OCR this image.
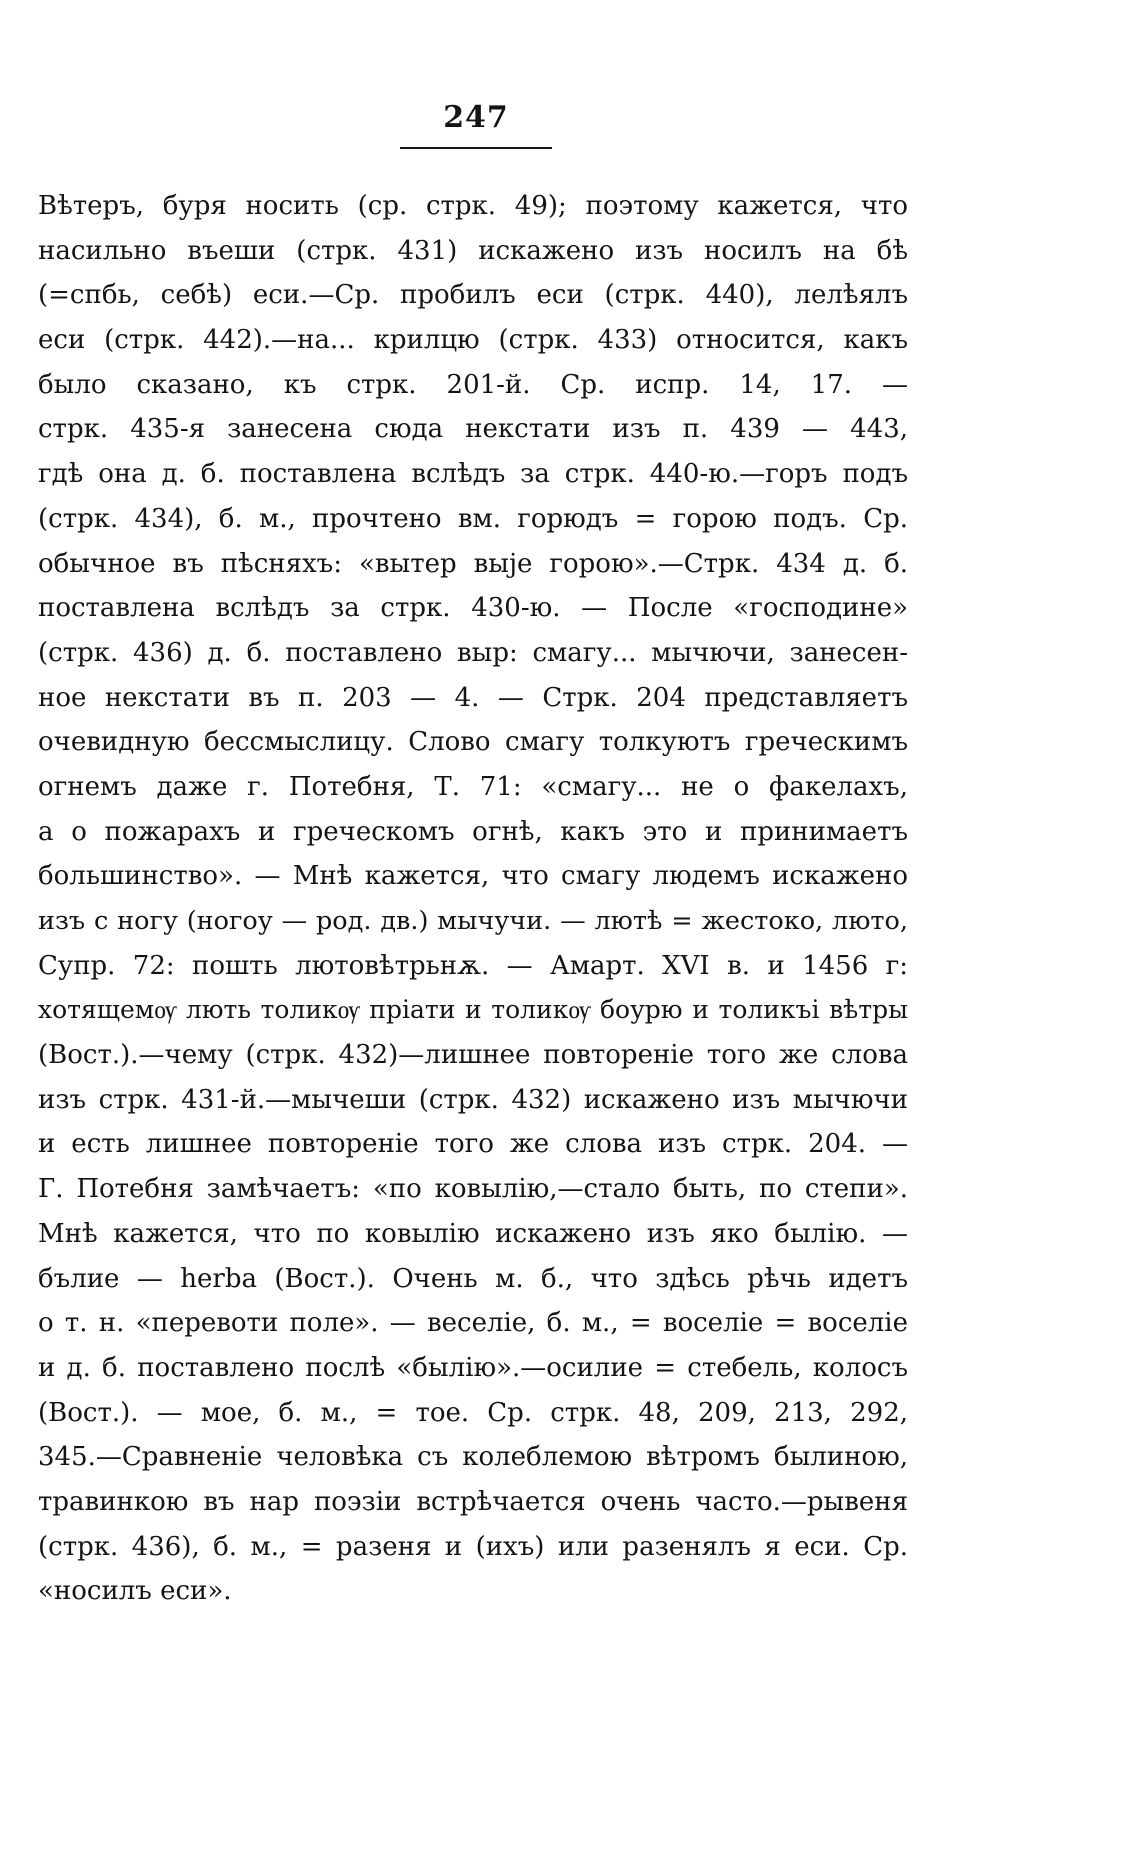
247
Вѣтеръ, буря носить (ср. стрк. 49); поэтому кажется, что
насильно въеши (стрк. 431) искажено изъ носилъ на бѣ
(=спбь, себѣ) еси.—Ср. пробилъ еси (стрк. 440), лелѣялъ
еси (стрк. 442).—на... крилцю (стрк. 433) относится, какъ
было сказано, къ стрк. 201-й. Ср. испр. 14, 17. —
стрк. 435-я занесена сюда некстати изъ п. 439 — 443,
гдѣ она д. б. поставлена вслѣдъ за стрк. 440-ю.—горъ подъ
(стрк. 434), б. м., прочтено вм. горюдъ = горою подъ. Ср.
обычное въ пѣсняхъ: «вытер выје горою».—Стрк. 434 д. б.
поставлена вслѣдъ за стрк. 430-ю. — После «господине»
(стрк. 436) д. б. поставлено выр: смагу... мычючи, занесен-
ное некстати въ п. 203 — 4. — Стрк. 204 представляетъ
очевидную бессмыслицу. Слово смагу толкуютъ греческимъ
огнемъ даже г. Потебня, Т. 71: «смагу... не о факелахъ,
а о пожарахъ и греческомъ огнѣ, какъ это и принимаетъ
большинство». — Мнѣ кажется, что смагу людемъ искажено
изъ с ногу (ногоу — род. дв.) мычучи. — лютѣ = жестоко, люто,
Супр. 72: пошть лютовѣтрьнѫ. — Амарт. XVI в. и 1456 г:
хотящемѹ лють толикѹ пріати и толикѹ боурю и толикъі вѣтры
(Вост.).—чему (стрк. 432)—лишнее повтореніе того же слова
изъ стрк. 431-й.—мычеши (стрк. 432) искажено изъ мычючи
и есть лишнее повтореніе того же слова изъ стрк. 204. —
Г. Потебня замѣчаетъ: «по ковылію,—стало быть, по степи».
Мнѣ кажется, что по ковылію искажено изъ яко былію. —
бълие — herba (Вост.). Очень м. б., что здѣсь рѣчь идетъ
о т. н. «перевоти поле». — веселіе, б. м., = воселіе = воселіе
и д. б. поставлено послѣ «былію».—осилие = стебель, колосъ
(Вост.). — мое, б. м., = тое. Ср. стрк. 48, 209, 213, 292,
345.—Сравненіе человѣка съ колеблемою вѣтромъ былиною,
травинкою въ нар поэзіи встрѣчается очень часто.—рывеня
(стрк. 436), б. м., = разеня и (ихъ) или разенялъ я еси. Ср.
«носилъ еси».
